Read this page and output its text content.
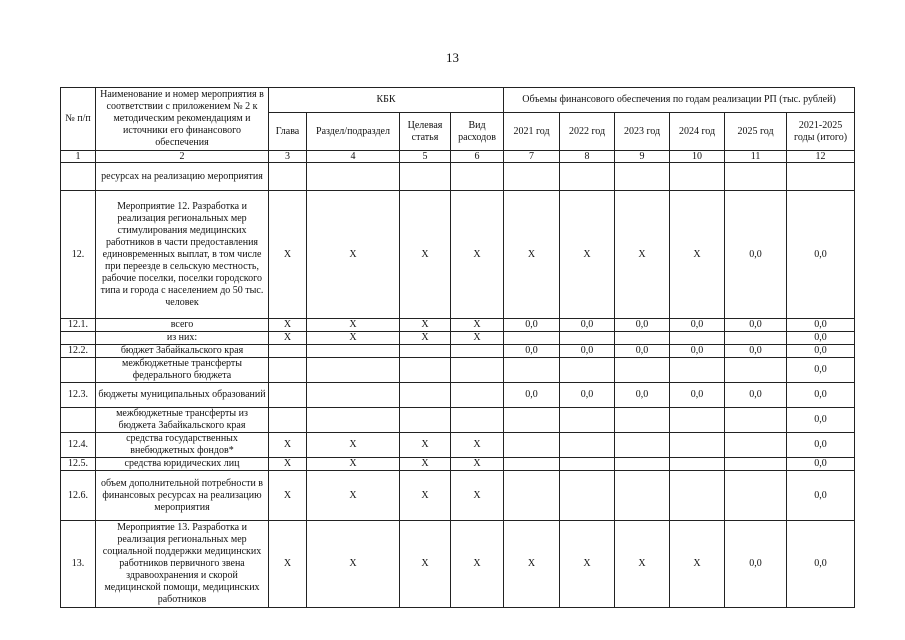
13
№ п/п	Наименование и номер мероприятия в соответствии с приложением № 2 к методическим рекомендациям и источники его финансового обеспечения	КБК				Объемы финансового обеспечения по годам реализации РП (тыс. рублей)					
		Глава	Раздел/подраздел	Целевая статья	Вид расходов	2021 год	2022 год	2023 год	2024 год	2025 год	2021-2025 годы (итого)
1	2	3	4	5	6	7	8	9	10	11	12
	ресурсах на реализацию мероприятия										
12.	Мероприятие 12. Разработка и реализация региональных мер стимулирования медицинских работников в части предоставления единовременных выплат, в том числе при переезде в сельскую местность, рабочие поселки, поселки городского типа и города с населением до 50 тыс. человек	X	X	X	X	X	X	X	X	0,0	0,0
12.1.	всего	X	X	X	X	0,0	0,0	0,0	0,0	0,0	0,0
	из них:	X	X	X	X						0,0
12.2.	бюджет Забайкальского края					0,0	0,0	0,0	0,0	0,0	0,0
	межбюджетные трансферты федерального бюджета										0,0
12.3.	бюджеты муниципальных образований					0,0	0,0	0,0	0,0	0,0	0,0
	межбюджетные трансферты из бюджета Забайкальского края										0,0
12.4.	средства государственных внебюджетных фондов*	X	X	X	X						0,0
12.5.	средства юридических лиц	X	X	X	X						0,0
12.6.	объем дополнительной потребности в финансовых ресурсах на реализацию мероприятия	X	X	X	X						0,0
13.	Мероприятие 13. Разработка и реализация региональных мер социальной поддержки медицинских работников первичного звена здравоохранения и скорой медицинской помощи, медицинских работников	X	X	X	X	X	X	X	X	0,0	0,0
